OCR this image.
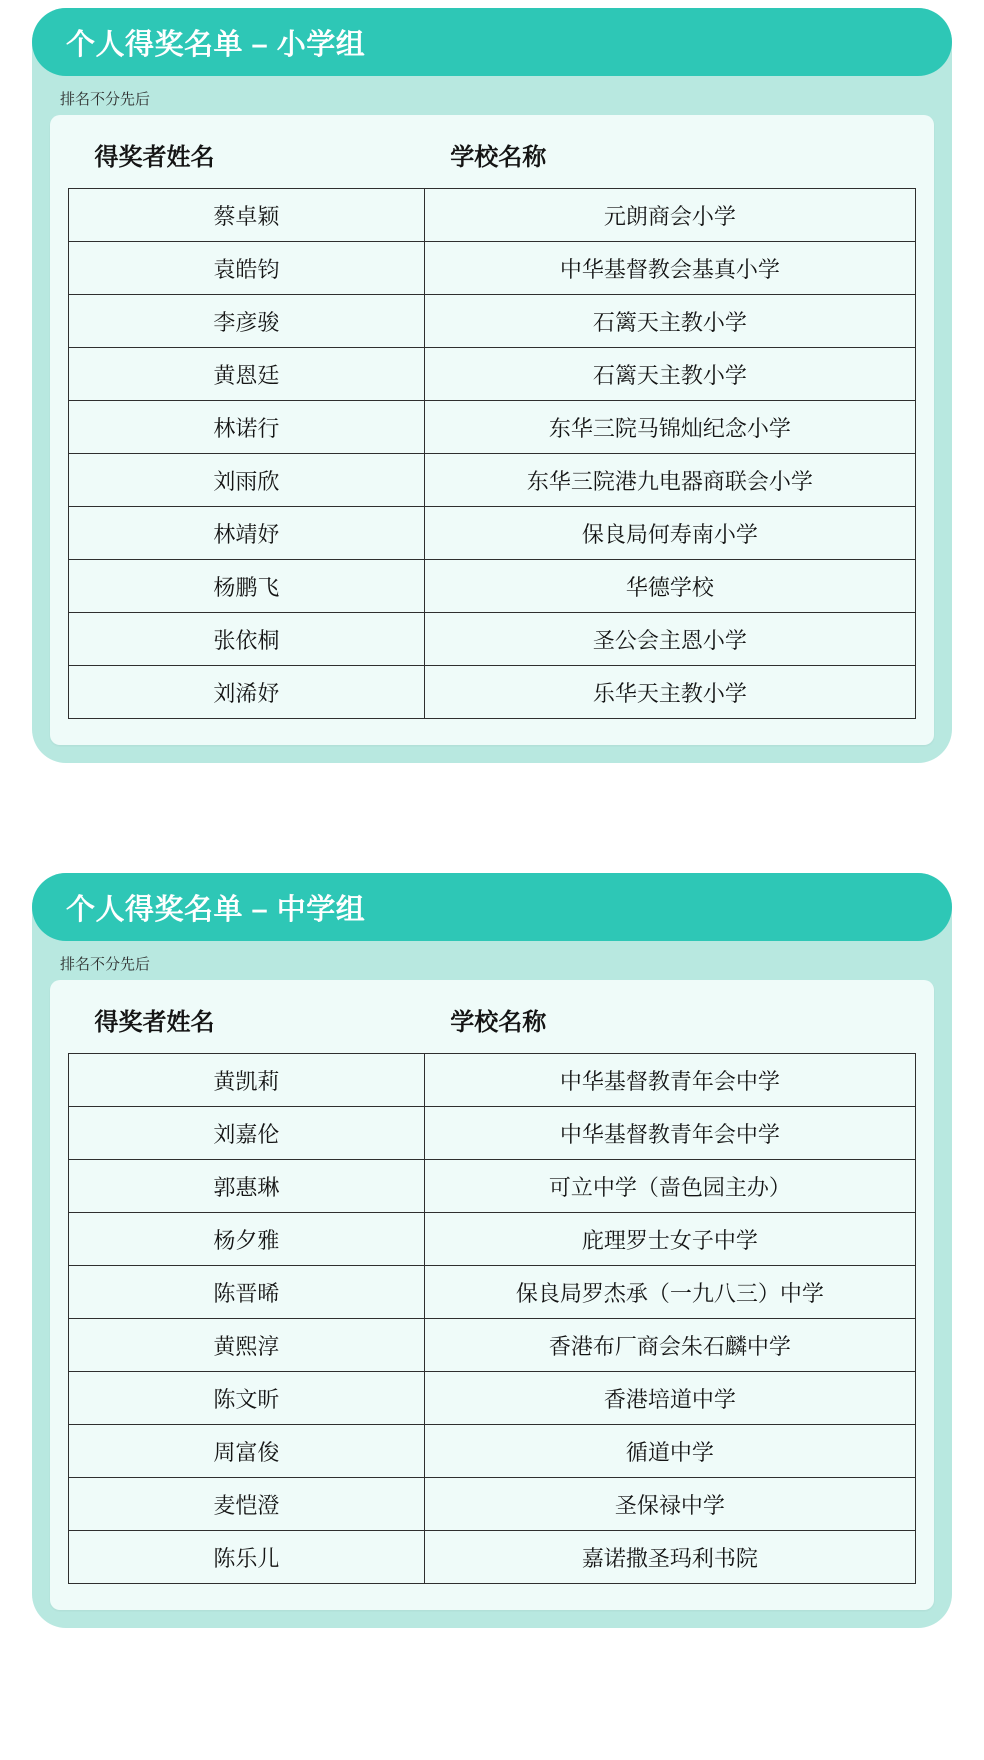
个人得奖名单 – 小学组
排名不分先后
得奖者姓名	学校名称
蔡卓颖	元朗商会小学
袁皓钧	中华基督教会基真小学
李彦骏	石篱天主教小学
黄恩廷	石篱天主教小学
林诺行	东华三院马锦灿纪念小学
刘雨欣	东华三院港九电器商联会小学
林靖妤	保良局何寿南小学
杨鹏飞	华德学校
张依桐	圣公会主恩小学
刘浠妤	乐华天主教小学
个人得奖名单 – 中学组
排名不分先后
得奖者姓名	学校名称
黄凯莉	中华基督教青年会中学
刘嘉伦	中华基督教青年会中学
郭惠琳	可立中学（啬色园主办）
杨夕雅	庇理罗士女子中学
陈晋晞	保良局罗杰承（一九八三）中学
黄熙淳	香港布厂商会朱石麟中学
陈文昕	香港培道中学
周富俊	循道中学
麦恺澄	圣保禄中学
陈乐儿	嘉诺撒圣玛利书院
